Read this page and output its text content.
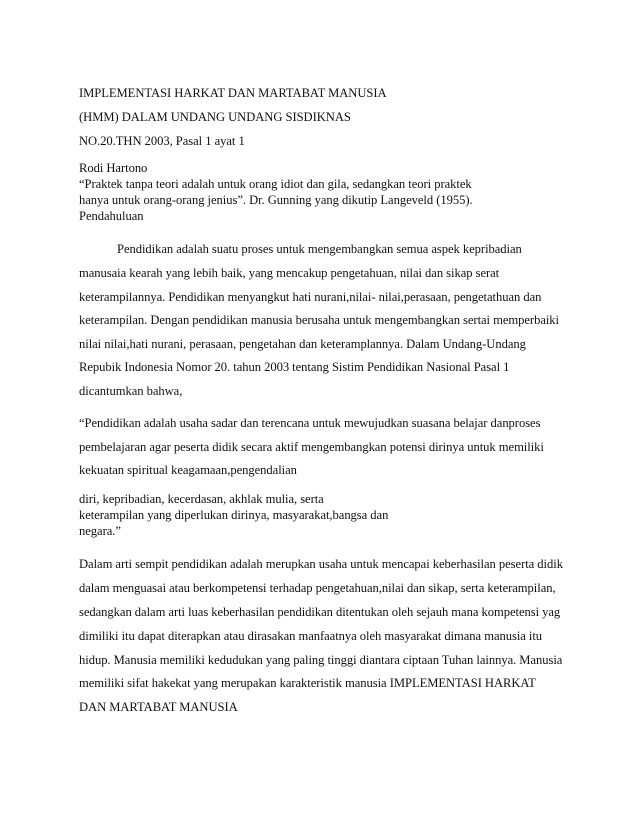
IMPLEMENTASI HARKAT DAN MARTABAT MANUSIA

(HMM) DALAM UNDANG UNDANG SISDIKNAS

NO.20.THN 2003, Pasal 1 ayat 1

Rodi Hartono

“Praktek tanpa teori adalah untuk orang idiot dan gila, sedangkan teori praktek

hanya untuk orang-orang jenius”. Dr. Gunning yang dikutip Langeveld (1955).

Pendahuluan

Pendidikan adalah suatu proses untuk mengembangkan semua aspek kepribadian

manusaia kearah yang lebih baik, yang mencakup pengetahuan, nilai dan sikap serat

keterampilannya. Pendidikan menyangkut hati nurani,nilai- nilai,perasaan, pengetathuan dan

keterampilan. Dengan pendidikan manusia berusaha untuk mengembangkan sertai memperbaiki

nilai nilai,hati nurani, perasaan, pengetahan dan keteramplannya. Dalam Undang-Undang

Repubik Indonesia Nomor 20. tahun 2003 tentang Sistim Pendidikan Nasional Pasal 1

dicantumkan bahwa,

“Pendidikan adalah usaha sadar dan terencana untuk mewujudkan suasana belajar danproses

pembelajaran agar peserta didik secara aktif mengembangkan potensi dirinya untuk memiliki

kekuatan spiritual keagamaan,pengendalian

diri, kepribadian, kecerdasan, akhlak mulia, serta

keterampilan yang diperlukan dirinya, masyarakat,bangsa dan

negara.”

Dalam arti sempit pendidikan adalah merupkan usaha untuk mencapai keberhasilan peserta didik

dalam menguasai atau berkompetensi terhadap pengetahuan,nilai dan sikap, serta keterampilan,

sedangkan dalam arti luas keberhasilan pendidikan ditentukan oleh sejauh mana kompetensi yag

dimiliki itu dapat diterapkan atau dirasakan manfaatnya oleh masyarakat dimana manusia itu

hidup. Manusia memiliki kedudukan yang paling tinggi diantara ciptaan Tuhan lainnya. Manusia

memiliki sifat hakekat yang merupakan karakteristik manusia IMPLEMENTASI HARKAT

DAN MARTABAT MANUSIA
